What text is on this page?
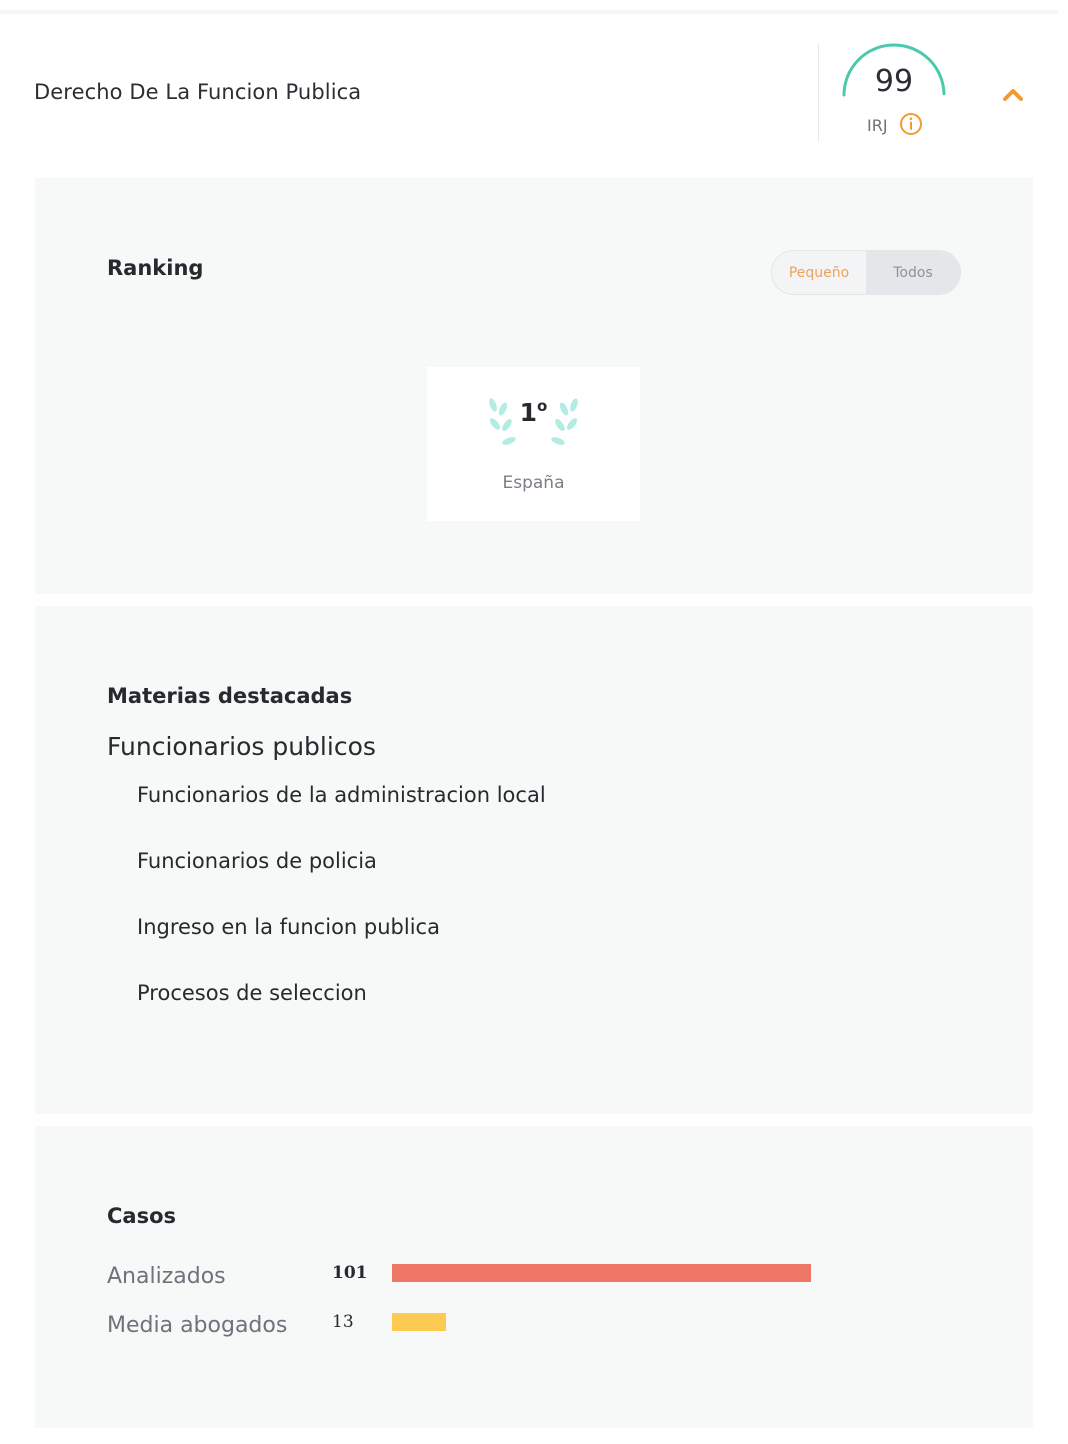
Derecho De La Funcion Publica	99
IRJ
Ranking	Pequeño	Todos
1$^o$
España
Materias destacadas
Funcionarios publicos
Funcionarios de la administracion local
Funcionarios de policia
Ingreso en la funcion publica
Procesos de seleccion
Casos
Analizados	101
Media abogados	13
